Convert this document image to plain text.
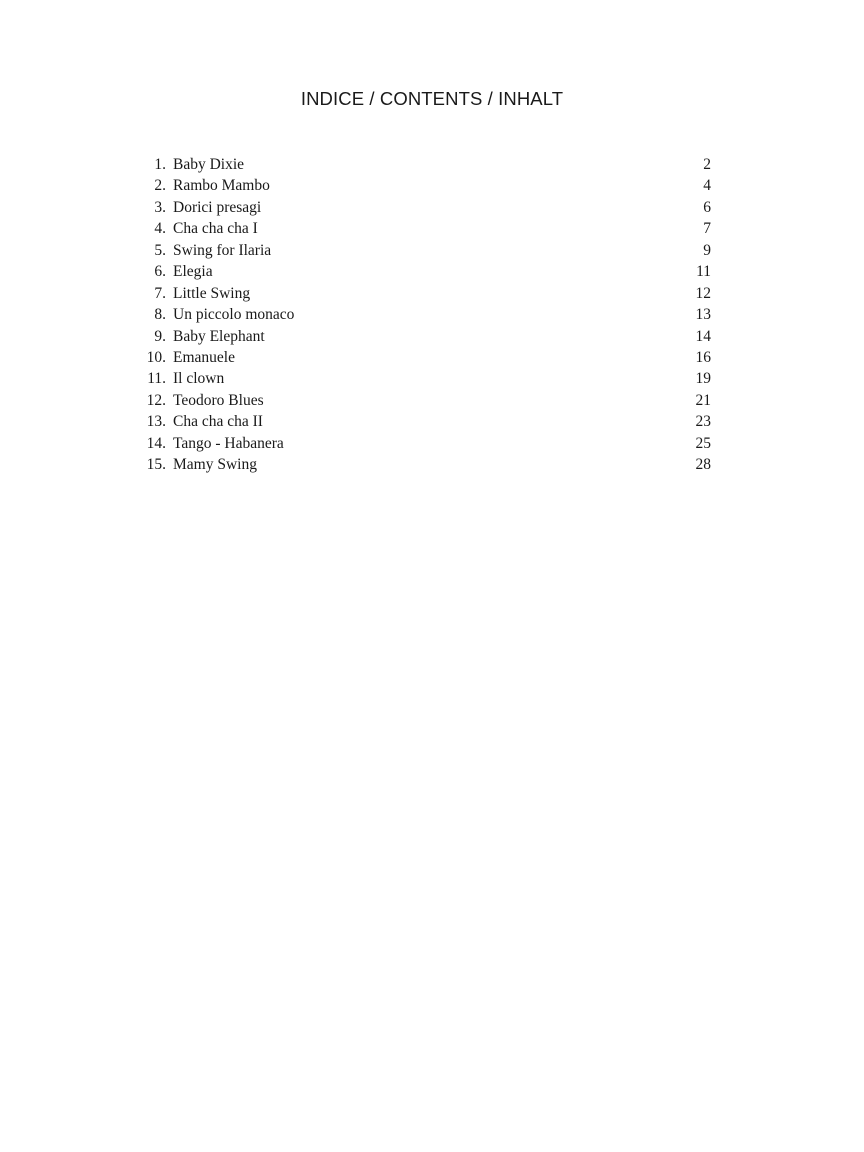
INDICE / CONTENTS / INHALT
1. Baby Dixie	2
2. Rambo Mambo	4
3. Dorici presagi	6
4. Cha cha cha I	7
5. Swing for Ilaria	9
6. Elegia	11
7. Little Swing	12
8. Un piccolo monaco	13
9. Baby Elephant	14
10. Emanuele	16
11. Il clown	19
12. Teodoro Blues	21
13. Cha cha cha II	23
14. Tango - Habanera	25
15. Mamy Swing	28
